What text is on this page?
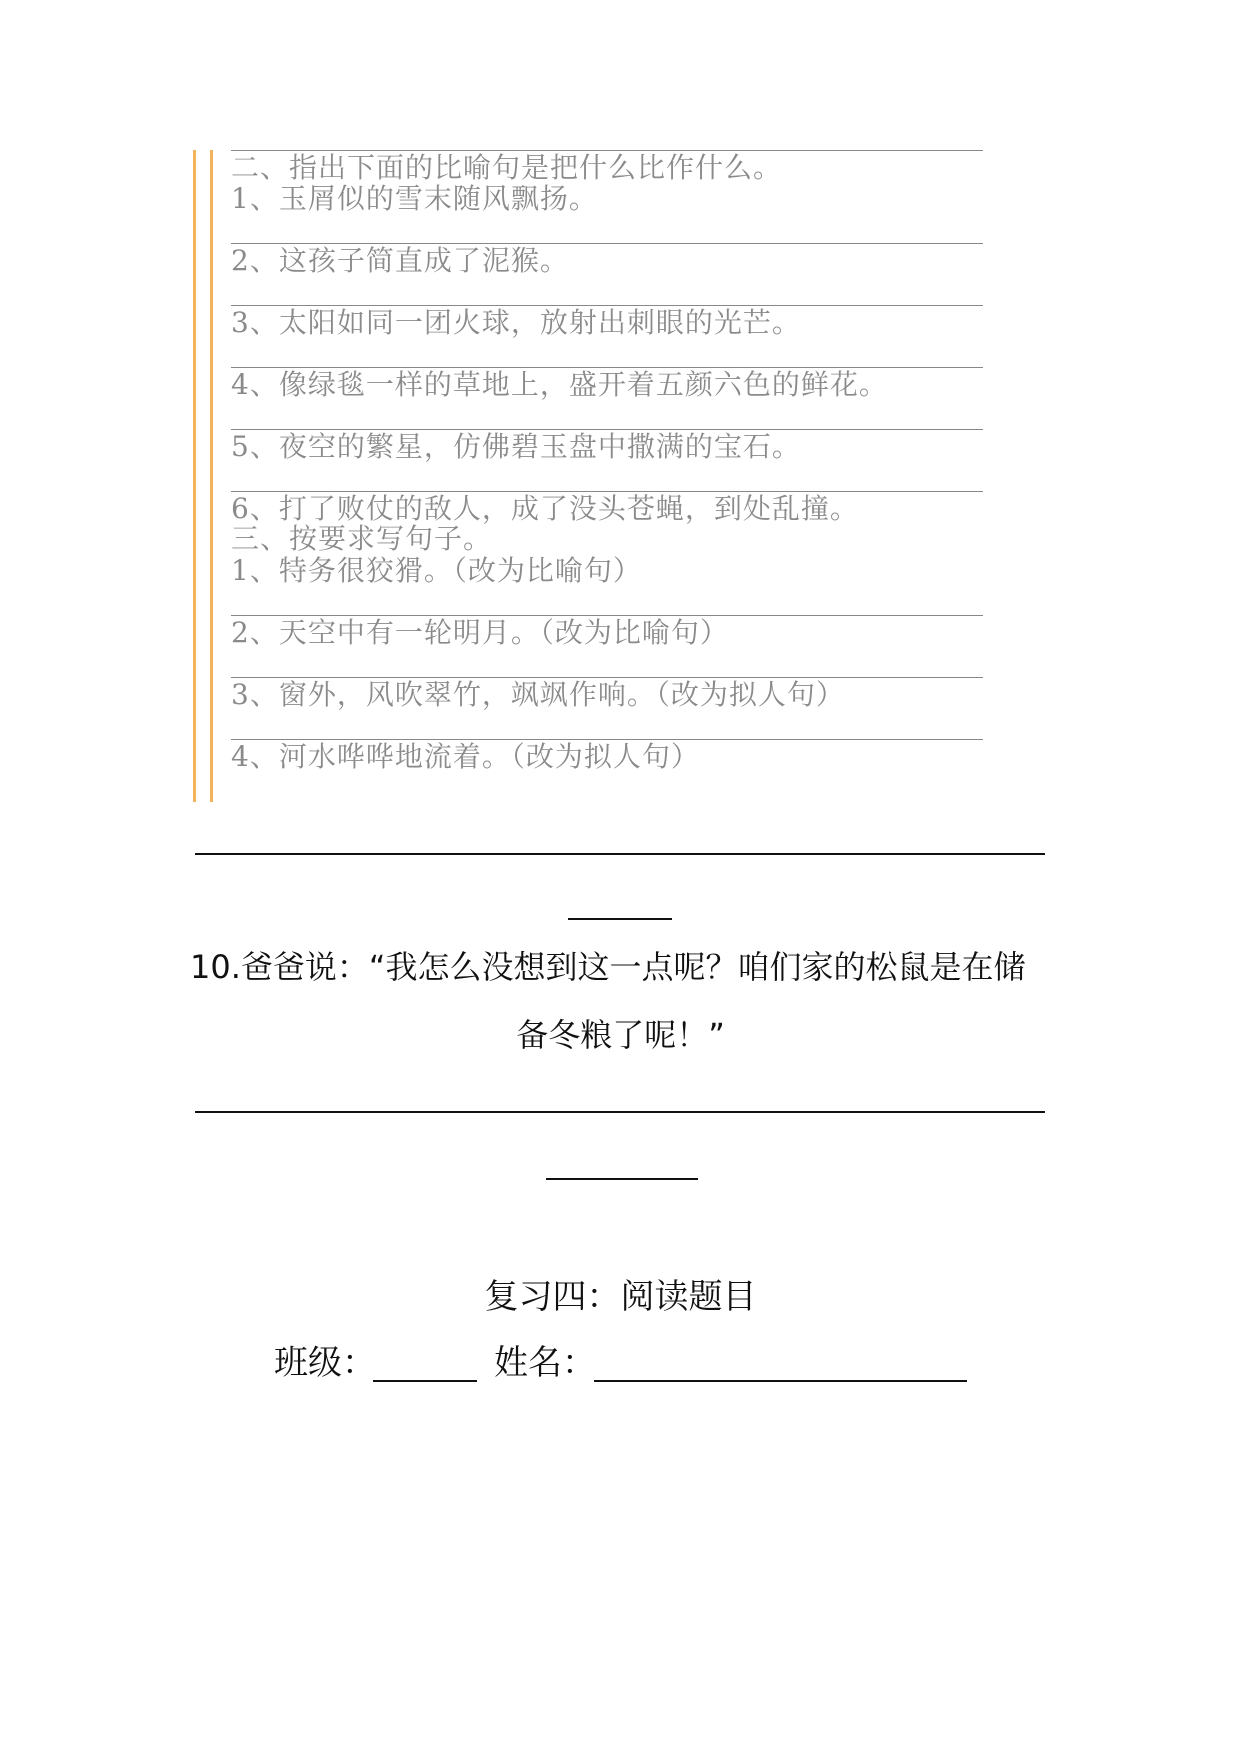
二、指出下面的比喻句是把什么比作什么。
1、玉屑似的雪末随风飘扬。
2、这孩子简直成了泥猴。
3、太阳如同一团火球，放射出刺眼的光芒。
4、像绿毯一样的草地上，盛开着五颜六色的鲜花。
5、夜空的繁星，仿佛碧玉盘中撒满的宝石。
6、打了败仗的敌人，成了没头苍蝇，到处乱撞。
三、按要求写句子。
1、特务很狡猾。（改为比喻句）
2、天空中有一轮明月。（改为比喻句）
3、窗外，风吹翠竹，飒飒作响。（改为拟人句）
4、河水哗哗地流着。（改为拟人句）
10.爸爸说：“我怎么没想到这一点呢？咱们家的松鼠是在储
备冬粮了呢！”
复习四：阅读题目
班级：	姓名：
